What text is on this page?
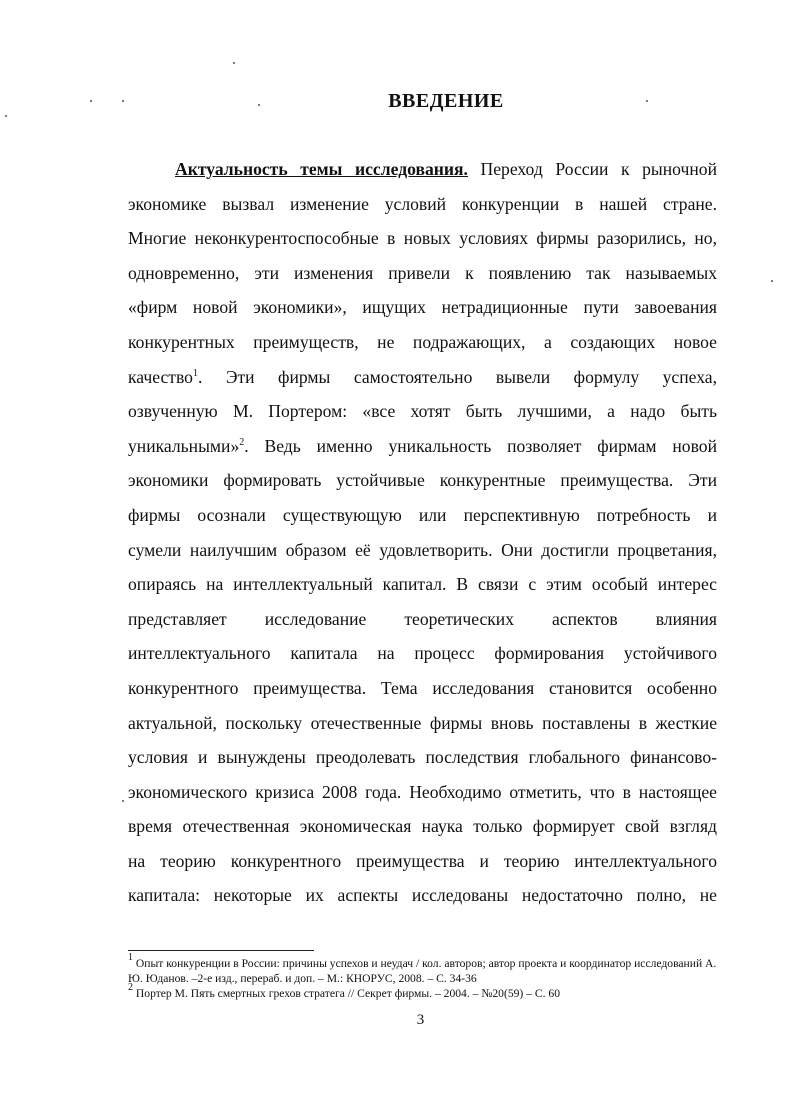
ВВЕДЕНИЕ
Актуальность темы исследования. Переход России к рыночной
экономике вызвал изменение условий конкуренции в нашей стране.
Многие неконкурентоспособные в новых условиях фирмы разорились, но,
одновременно, эти изменения привели к появлению так называемых
«фирм новой экономики», ищущих нетрадиционные пути завоевания
конкурентных преимуществ, не подражающих, а создающих новое
качество$^1$. Эти фирмы самостоятельно вывели формулу успеха,
озвученную М. Портером: «все хотят быть лучшими, а надо быть
уникальными»$^2$. Ведь именно уникальность позволяет фирмам новой
экономики формировать устойчивые конкурентные преимущества. Эти
фирмы осознали существующую или перспективную потребность и
сумели наилучшим образом её удовлетворить. Они достигли процветания,
опираясь на интеллектуальный капитал. В связи с этим особый интерес
представляет исследование теоретических аспектов влияния
интеллектуального капитала на процесс формирования устойчивого
конкурентного преимущества. Тема исследования становится особенно
актуальной, поскольку отечественные фирмы вновь поставлены в жесткие
условия и вынуждены преодолевать последствия глобального финансово-
экономического кризиса 2008 года. Необходимо отметить, что в настоящее
время отечественная экономическая наука только формирует свой взгляд
на теорию конкурентного преимущества и теорию интеллектуального
капитала: некоторые их аспекты исследованы недостаточно полно, не
$^1$ Опыт конкуренции в России: причины успехов и неудач / кол. авторов; автор проекта и координатор исследований А. Ю. Юданов. –2-е изд., перераб. и доп. – М.: КНОРУС, 2008. – С. 34-36
$^2$ Портер М. Пять смертных грехов стратега // Секрет фирмы. – 2004. – №20(59) – С. 60
3
